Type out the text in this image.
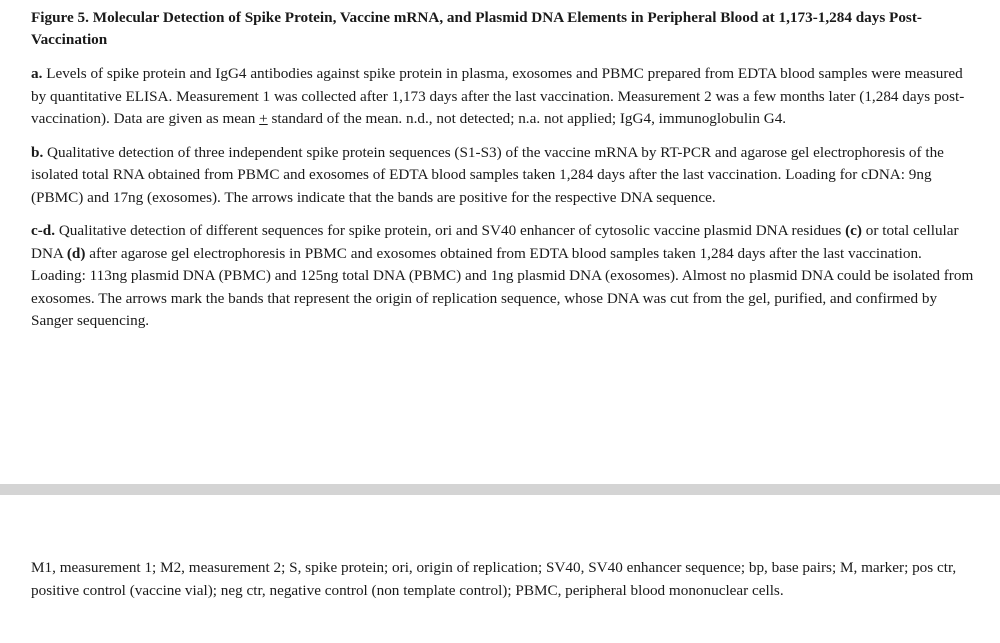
Figure 5. Molecular Detection of Spike Protein, Vaccine mRNA, and Plasmid DNA Elements in Peripheral Blood at 1,173-1,284 days Post-Vaccination

a. Levels of spike protein and IgG4 antibodies against spike protein in plasma, exosomes and PBMC prepared from EDTA blood samples were measured by quantitative ELISA. Measurement 1 was collected after 1,173 days after the last vaccination. Measurement 2 was a few months later (1,284 days post-vaccination). Data are given as mean + standard of the mean. n.d., not detected; n.a. not applied; IgG4, immunoglobulin G4.

b. Qualitative detection of three independent spike protein sequences (S1-S3) of the vaccine mRNA by RT-PCR and agarose gel electrophoresis of the isolated total RNA obtained from PBMC and exosomes of EDTA blood samples taken 1,284 days after the last vaccination. Loading for cDNA: 9ng (PBMC) and 17ng (exosomes). The arrows indicate that the bands are positive for the respective DNA sequence.

c-d. Qualitative detection of different sequences for spike protein, ori and SV40 enhancer of cytosolic vaccine plasmid DNA residues (c) or total cellular DNA (d) after agarose gel electrophoresis in PBMC and exosomes obtained from EDTA blood samples taken 1,284 days after the last vaccination. Loading: 113ng plasmid DNA (PBMC) and 125ng total DNA (PBMC) and 1ng plasmid DNA (exosomes). Almost no plasmid DNA could be isolated from exosomes. The arrows mark the bands that represent the origin of replication sequence, whose DNA was cut from the gel, purified, and confirmed by Sanger sequencing.

M1, measurement 1; M2, measurement 2; S, spike protein; ori, origin of replication; SV40, SV40 enhancer sequence; bp, base pairs; M, marker; pos ctr, positive control (vaccine vial); neg ctr, negative control (non template control); PBMC, peripheral blood mononuclear cells.
